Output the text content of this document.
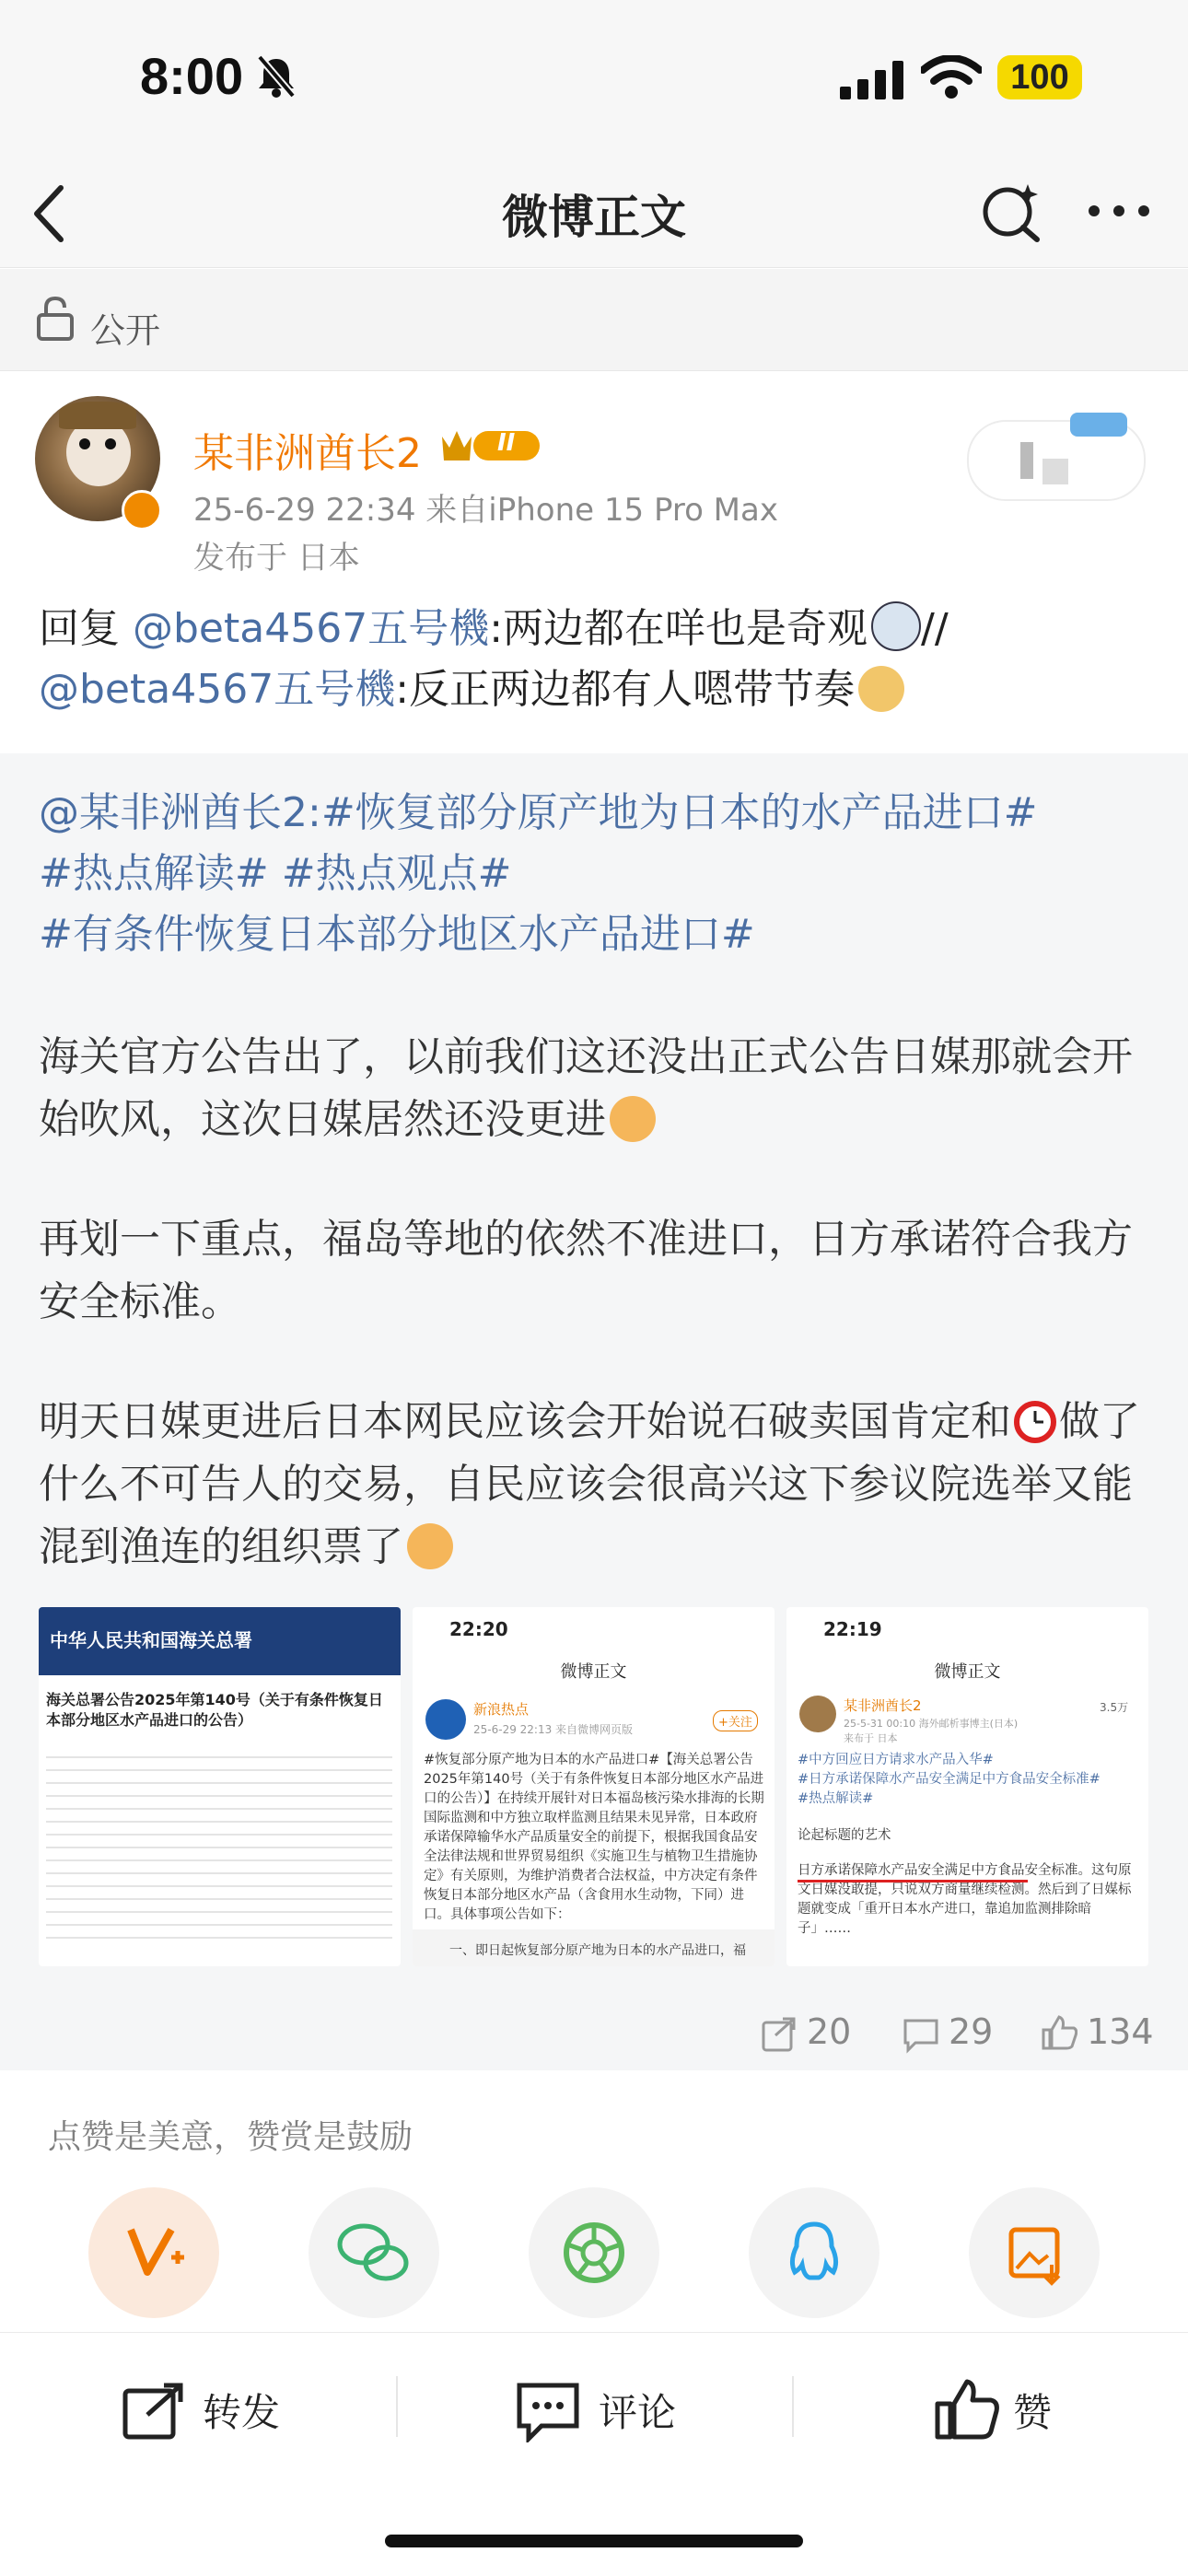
8:00	100
微博正文
公开
某非洲酋长2	II
25-6-29 22:34 来自iPhone 15 Pro Max
发布于 日本
回复 @beta4567五号機:两边都在咩也是奇观 //
@beta4567五号機:反正两边都有人嗯带节奏
@某非洲酋长2:#恢复部分原产地为日本的水产品进口#
#热点解读# #热点观点#
#有条件恢复日本部分地区水产品进口#
海关官方公告出了，以前我们这还没出正式公告日媒那就会开始吹风，这次日媒居然还没更进
再划一下重点，福岛等地的依然不准进口，日方承诺符合我方安全标准。
明天日媒更进后日本网民应该会开始说石破卖国肯定和 做了什么不可告人的交易，自民应该会很高兴这下参议院选举又能混到渔连的组织票了
中华人民共和国海关总署
海关总署公告2025年第140号（关于有条件恢复日本部分地区水产品进口的公告）
22:20
微博正文
新浪热点
25-6-29 22:13 来自微博网页版	+关注
#恢复部分原产地为日本的水产品进口#【海关总署公告2025年第140号（关于有条件恢复日本部分地区水产品进口的公告）】在持续开展针对日本福岛核污染水排海的长期国际监测和中方独立取样监测且结果未见异常，日本政府承诺保障输华水产品质量安全的前提下，根据我国食品安全法律法规和世界贸易组织《实施卫生与植物卫生措施协定》有关原则，为维护消费者合法权益，中方决定有条件恢复日本部分地区水产品（含食用水生动物，下同）进口。具体事项公告如下：
一、即日起恢复部分原产地为日本的水产品进口，福
22:19
微博正文
某非洲酋长2
25-5-31 00:10 海外邮析事博主(日本)
来布于 日本
3.5万
#中方回应日方请求水产品入华#
#日方承诺保障水产品安全满足中方食品安全标准#
#热点解读#
论起标题的艺术
日方承诺保障水产品安全满足中方食品安全标准。这句原文日媒没敢提，只说双方商量继续检测。然后到了日媒标题就变成「重开日本水产进口，靠追加监测排除暗子」……
20	29	134
点赞是美意，赞赏是鼓励
转发	评论	赞
